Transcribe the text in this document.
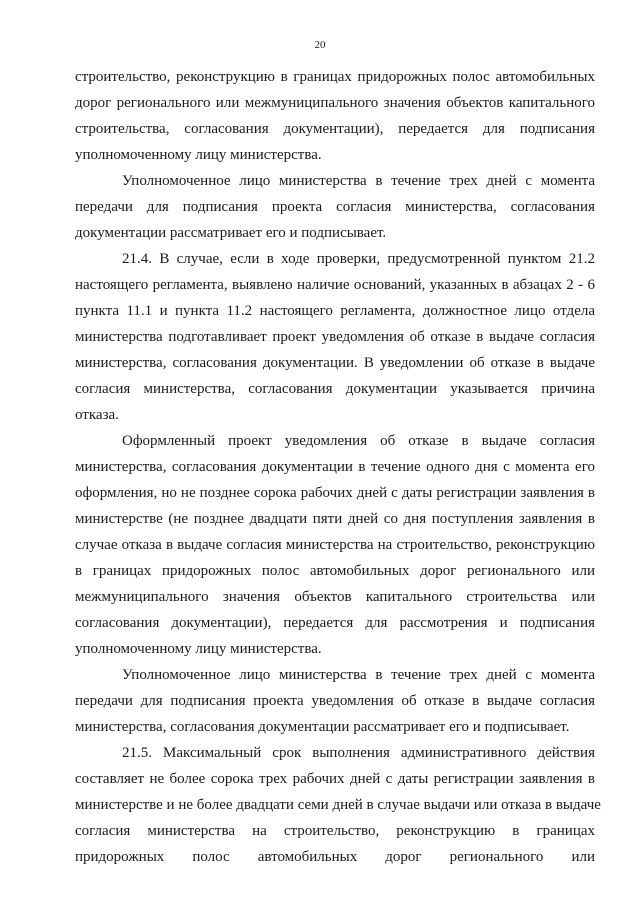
20
строительство, реконструкцию в границах придорожных полос автомобильных
дорог регионального или межмуниципального значения объектов капитального
строительства, согласования документации), передается для подписания
уполномоченному лицу министерства.
Уполномоченное лицо министерства в течение трех дней с момента
передачи для подписания проекта согласия министерства, согласования
документации рассматривает его и подписывает.
21.4. В случае, если в ходе проверки, предусмотренной пунктом 21.2
настоящего регламента, выявлено наличие оснований, указанных в абзацах 2 - 6
пункта 11.1 и пункта 11.2 настоящего регламента, должностное лицо отдела
министерства подготавливает проект уведомления об отказе в выдаче согласия
министерства, согласования документации. В уведомлении об отказе в выдаче
согласия министерства, согласования документации указывается причина
отказа.
Оформленный проект уведомления об отказе в выдаче согласия
министерства, согласования документации в течение одного дня с момента его
оформления, но не позднее сорока рабочих дней с даты регистрации заявления в
министерстве (не позднее двадцати пяти дней со дня поступления заявления в
случае отказа в выдаче согласия министерства на строительство, реконструкцию
в границах придорожных полос автомобильных дорог регионального или
межмуниципального значения объектов капитального строительства или
согласования документации), передается для рассмотрения и подписания
уполномоченному лицу министерства.
Уполномоченное лицо министерства в течение трех дней с момента
передачи для подписания проекта уведомления об отказе в выдаче согласия
министерства, согласования документации рассматривает его и подписывает.
21.5. Максимальный срок выполнения административного действия
составляет не более сорока трех рабочих дней с даты регистрации заявления в
министерстве и не более двадцати семи дней в случае выдачи или отказа в выдаче
согласия министерства на строительство, реконструкцию в границах
придорожных полос автомобильных дорог регионального или
